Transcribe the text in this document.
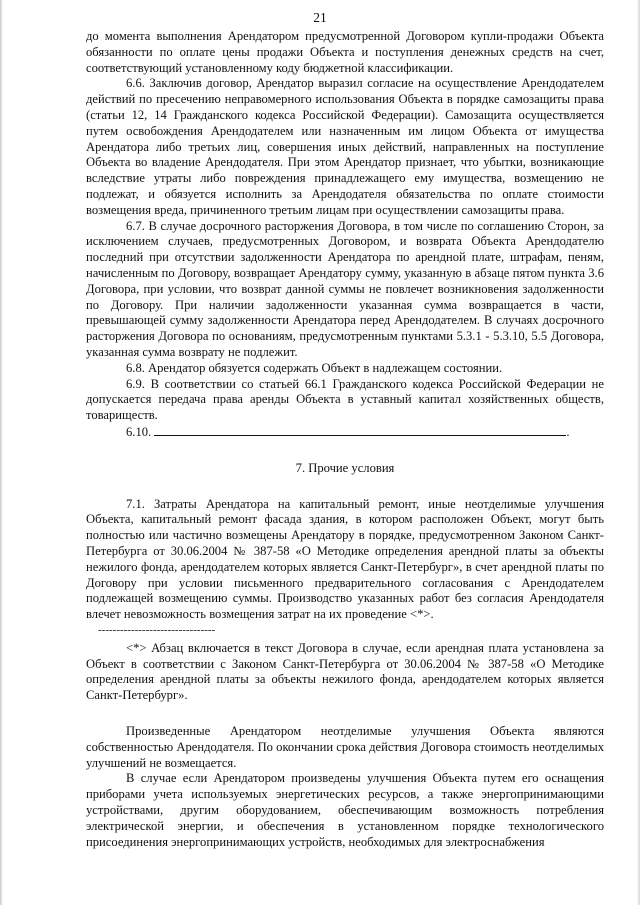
21

до момента выполнения Арендатором предусмотренной Договором купли-продажи Объекта обязанности по оплате цены продажи Объекта и поступления денежных средств на счет, соответствующий установленному коду бюджетной классификации.

6.6. Заключив договор, Арендатор выразил согласие на осуществление Арендодателем действий по пресечению неправомерного использования Объекта в порядке самозащиты права (статьи 12, 14 Гражданского кодекса Российской Федерации). Самозащита осуществляется путем освобождения Арендодателем или назначенным им лицом Объекта от имущества Арендатора либо третьих лиц, совершения иных действий, направленных на поступление Объекта во владение Арендодателя. При этом Арендатор признает, что убытки, возникающие вследствие утраты либо повреждения принадлежащего ему имущества, возмещению не подлежат, и обязуется исполнить за Арендодателя обязательства по оплате стоимости возмещения вреда, причиненного третьим лицам при осуществлении самозащиты права.

6.7. В случае досрочного расторжения Договора, в том числе по соглашению Сторон, за исключением случаев, предусмотренных Договором, и возврата Объекта Арендодателю последний при отсутствии задолженности Арендатора по арендной плате, штрафам, пеням, начисленным по Договору, возвращает Арендатору сумму, указанную в абзаце пятом пункта 3.6 Договора, при условии, что возврат данной суммы не повлечет возникновения задолженности по Договору. При наличии задолженности указанная сумма возвращается в части, превышающей сумму задолженности Арендатора перед Арендодателем. В случаях досрочного расторжения Договора по основаниям, предусмотренным пунктами 5.3.1 - 5.3.10, 5.5 Договора, указанная сумма возврату не подлежит.

6.8. Арендатор обязуется содержать Объект в надлежащем состоянии.

6.9. В соответствии со статьей 66.1 Гражданского кодекса Российской Федерации не допускается передача права аренды Объекта в уставный капитал хозяйственных обществ, товариществ.

6.10.	.

7. Прочие условия

7.1. Затраты Арендатора на капитальный ремонт, иные неотделимые улучшения Объекта, капитальный ремонт фасада здания, в котором расположен Объект, могут быть полностью или частично возмещены Арендатору в порядке, предусмотренном Законом Санкт-Петербурга от 30.06.2004 № 387-58 «О Методике определения арендной платы за объекты нежилого фонда, арендодателем которых является Санкт-Петербург», в счет арендной платы по Договору при условии письменного предварительного согласования с Арендодателем подлежащей возмещению суммы. Производство указанных работ без согласия Арендодателя влечет невозможность возмещения затрат на их проведение <*>.

--------------------------------

<*> Абзац включается в текст Договора в случае, если арендная плата установлена за Объект в соответствии с Законом Санкт-Петербурга от 30.06.2004 № 387-58 «О Методике определения арендной платы за объекты нежилого фонда, арендодателем которых является Санкт-Петербург».

Произведенные Арендатором неотделимые улучшения Объекта являются собственностью Арендодателя. По окончании срока действия Договора стоимость неотделимых улучшений не возмещается.

В случае если Арендатором произведены улучшения Объекта путем его оснащения приборами учета используемых энергетических ресурсов, а также энергопринимающими устройствами, другим оборудованием, обеспечивающим возможность потребления электрической энергии, и обеспечения в установленном порядке технологического присоединения энергопринимающих устройств, необходимых для электроснабжения
